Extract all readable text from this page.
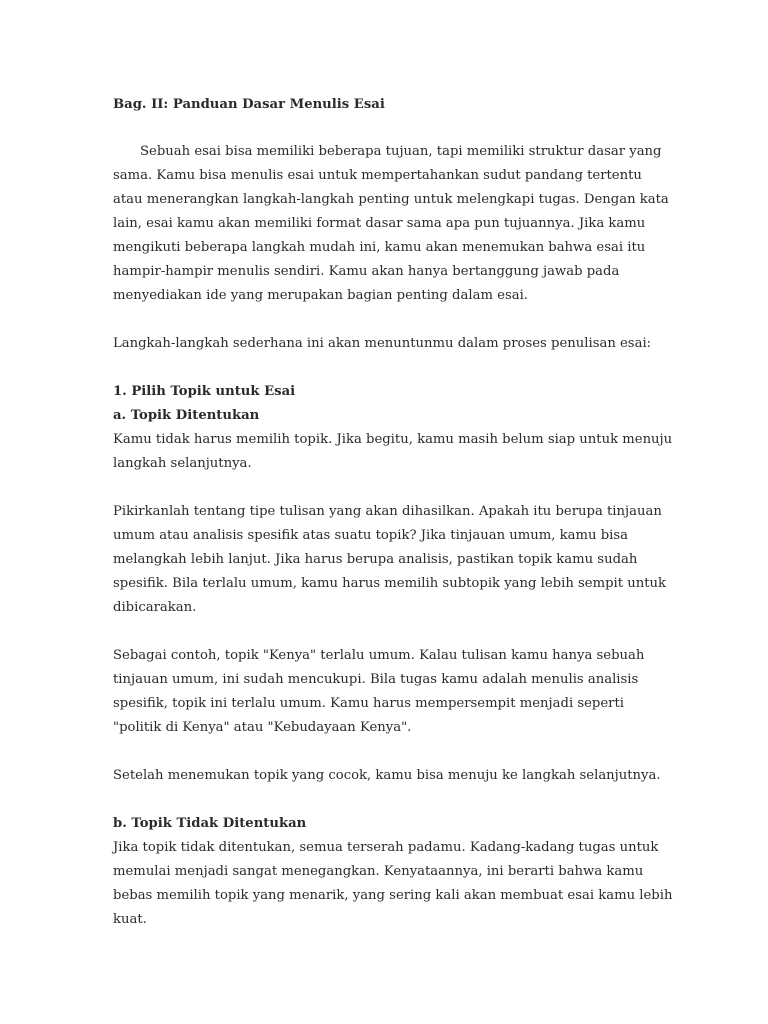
Bag. II: Panduan Dasar Menulis Esai

Sebuah esai bisa memiliki beberapa tujuan, tapi memiliki struktur dasar yang sama. Kamu bisa menulis esai untuk mempertahankan sudut pandang tertentu atau menerangkan langkah-langkah penting untuk melengkapi tugas. Dengan kata lain, esai kamu akan memiliki format dasar sama apa pun tujuannya. Jika kamu mengikuti beberapa langkah mudah ini, kamu akan menemukan bahwa esai itu hampir-hampir menulis sendiri. Kamu akan hanya bertanggung jawab pada menyediakan ide yang merupakan bagian penting dalam esai.

Langkah-langkah sederhana ini akan menuntunmu dalam proses penulisan esai:

1. Pilih Topik untuk Esai

a. Topik Ditentukan

Kamu tidak harus memilih topik. Jika begitu, kamu masih belum siap untuk menuju langkah selanjutnya.

Pikirkanlah tentang tipe tulisan yang akan dihasilkan. Apakah itu berupa tinjauan umum atau analisis spesifik atas suatu topik? Jika tinjauan umum, kamu bisa melangkah lebih lanjut. Jika harus berupa analisis, pastikan topik kamu sudah spesifik. Bila terlalu umum, kamu harus memilih subtopik yang lebih sempit untuk dibicarakan.

Sebagai contoh, topik "Kenya" terlalu umum. Kalau tulisan kamu hanya sebuah tinjauan umum, ini sudah mencukupi. Bila tugas kamu adalah menulis analisis spesifik, topik ini terlalu umum. Kamu harus mempersempit menjadi seperti "politik di Kenya" atau "Kebudayaan Kenya".

Setelah menemukan topik yang cocok, kamu bisa menuju ke langkah selanjutnya.

b. Topik Tidak Ditentukan

Jika topik tidak ditentukan, semua terserah padamu. Kadang-kadang tugas untuk memulai menjadi sangat menegangkan. Kenyataannya, ini berarti bahwa kamu bebas memilih topik yang menarik, yang sering kali akan membuat esai kamu lebih kuat.
